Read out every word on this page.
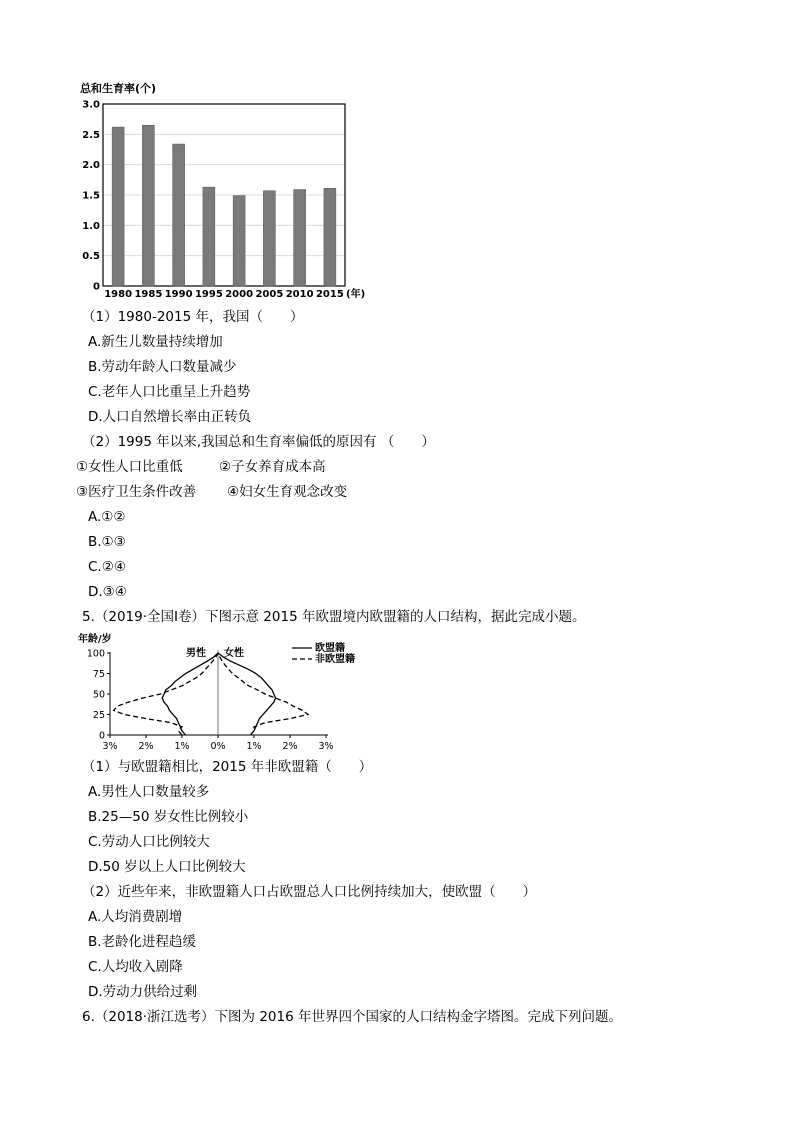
总和生育率(个)
0
0.5
1.0
1.5
2.0
2.5
3.0
1980 1985 1990 1995 2000 2005 2010 2015 (年)
（1）1980-2015 年，我国（　　）
A.新生儿数量持续增加
B.劳动年龄人口数量减少
C.老年人口比重呈上升趋势
D.人口自然增长率由正转负
（2）1995 年以来,我国总和生育率偏低的原因有 （　　）
①女性人口比重低	②子女养育成本高
③医疗卫生条件改善 ④妇女生育观念改变
A.①②
B.①③
C.②④
D.③④
5.（2019·全国Ⅰ卷）下图示意 2015 年欧盟境内欧盟籍的人口结构，据此完成小题。
年龄/岁
0
25
50
75
100
3% 2% 1% 0% 1% 2% 3%
男性 女性	欧盟籍
非欧盟籍
（1）与欧盟籍相比，2015 年非欧盟籍（　　）
A.男性人口数量较多
B.25—50 岁女性比例较小
C.劳动人口比例较大
D.50 岁以上人口比例较大
（2）近些年来，非欧盟籍人口占欧盟总人口比例持续加大，使欧盟（　　）
A.人均消费剧增
B.老龄化进程趋缓
C.人均收入剧降
D.劳动力供给过剩
6.（2018·浙江选考）下图为 2016 年世界四个国家的人口结构金字塔图。完成下列问题。
